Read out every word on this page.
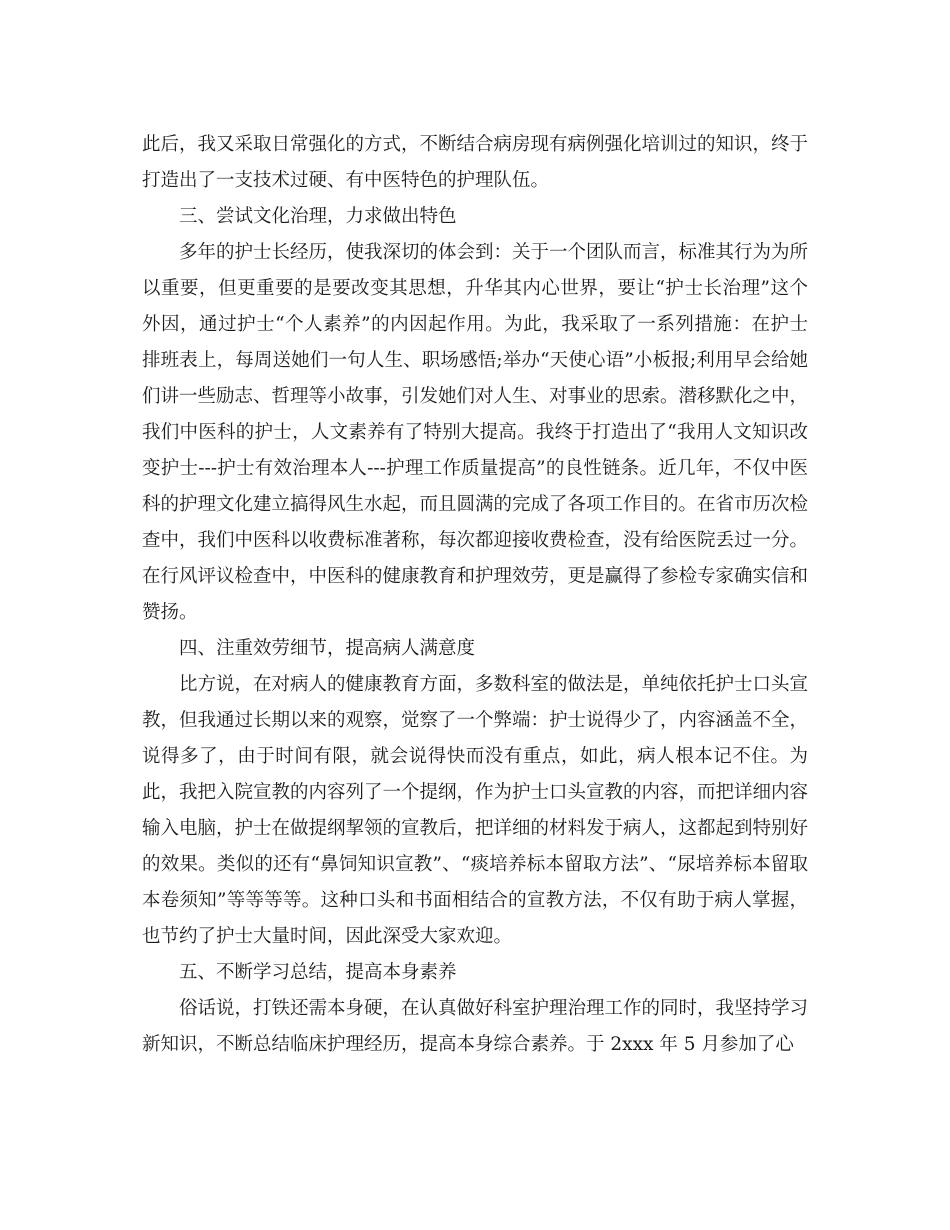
此后，我又采取日常强化的方式，不断结合病房现有病例强化培训过的知识，终于打造出了一支技术过硬、有中医特色的护理队伍。

三、尝试文化治理，力求做出特色

多年的护士长经历，使我深切的体会到：关于一个团队而言，标准其行为为所以重要，但更重要的是要改变其思想，升华其内心世界，要让“护士长治理”这个外因，通过护士“个人素养”的内因起作用。为此，我采取了一系列措施：在护士排班表上，每周送她们一句人生、职场感悟;举办“天使心语”小板报;利用早会给她们讲一些励志、哲理等小故事，引发她们对人生、对事业的思索。潜移默化之中，我们中医科的护士，人文素养有了特别大提高。我终于打造出了“我用人文知识改变护士---护士有效治理本人---护理工作质量提高”的良性链条。近几年，不仅中医科的护理文化建立搞得风生水起，而且圆满的完成了各项工作目的。在省市历次检查中，我们中医科以收费标准著称，每次都迎接收费检查，没有给医院丢过一分。在行风评议检查中，中医科的健康教育和护理效劳，更是赢得了参检专家确实信和赞扬。

四、注重效劳细节，提高病人满意度

比方说，在对病人的健康教育方面，多数科室的做法是，单纯依托护士口头宣教，但我通过长期以来的观察，觉察了一个弊端：护士说得少了，内容涵盖不全，说得多了，由于时间有限，就会说得快而没有重点，如此，病人根本记不住。为此，我把入院宣教的内容列了一个提纲，作为护士口头宣教的内容，而把详细内容输入电脑，护士在做提纲挈领的宣教后，把详细的材料发于病人，这都起到特别好的效果。类似的还有“鼻饲知识宣教”、“痰培养标本留取方法”、“尿培养标本留取本卷须知”等等等等。这种口头和书面相结合的宣教方法，不仅有助于病人掌握，也节约了护士大量时间，因此深受大家欢迎。

五、不断学习总结，提高本身素养

俗话说，打铁还需本身硬，在认真做好科室护理治理工作的同时，我坚持学习新知识，不断总结临床护理经历，提高本身综合素养。于 2xxx 年 5 月参加了心
